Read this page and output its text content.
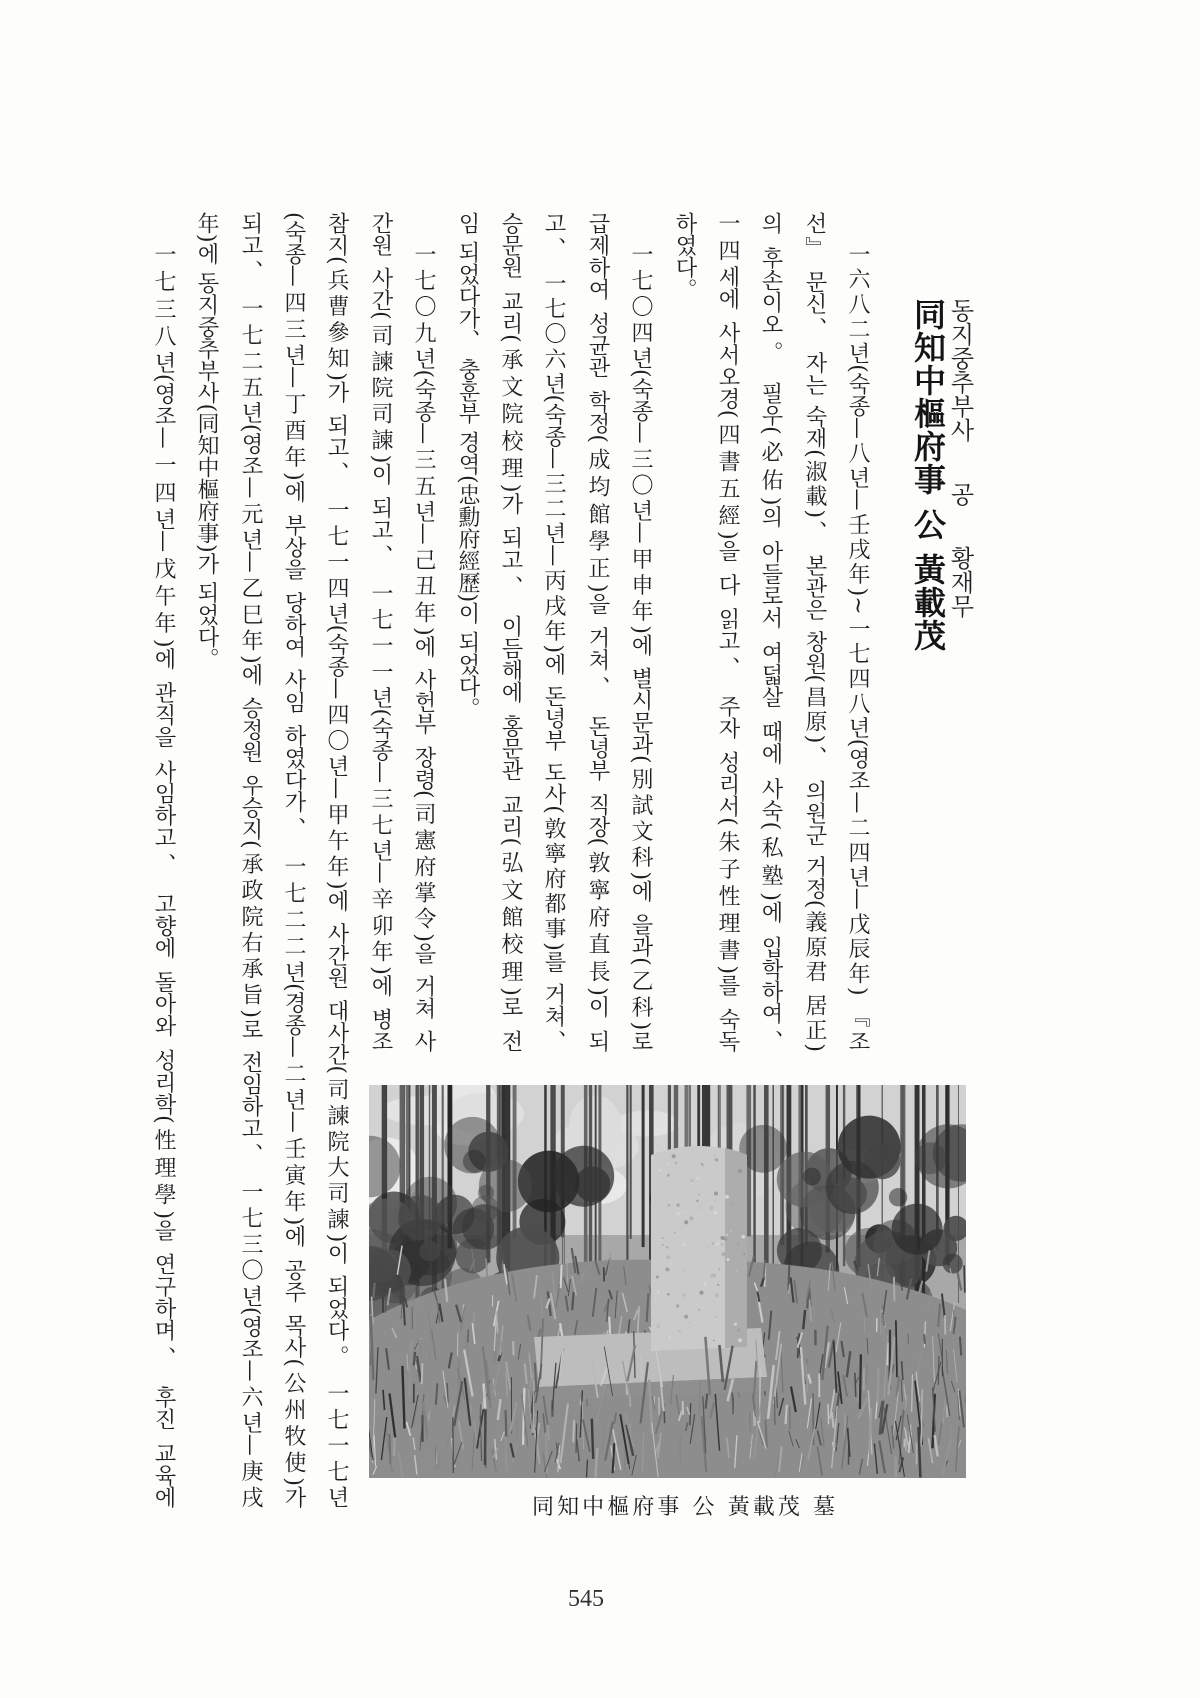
동지중추부사 공 황재무
同知中樞府事 公 黃載茂
一六八二년(숙종—八년—壬戌年)~一七四八년(영조—二四년—戊辰年) 『조
선』 문신、 자는 숙재(淑載)、 본관은 창원(昌原)、 의원군 거정(義原君 居正)
의 후손이오。 필우(必佑)의 아들로서 여덟살 때에 사숙(私塾)에 입학하여、
一四세에 사서오경(四書五經)을 다 읽고、 주자 성리서(朱子性理書)를 숙독
하였다。
一七〇四년(숙종—三〇년—甲申年)에 별시문과(別試文科)에 을과(乙科)로
급제하여 성균관 학정(成均館學正)을 거쳐、 돈녕부 직장(敦寧府直長)이 되
고、 一七〇六년(숙종—三二년—丙戌年)에 돈녕부 도사(敦寧府都事)를 거쳐、
승문원 교리(承文院校理)가 되고、 이듬해에 홍문관 교리(弘文館校理)로 전
임 되었다가、 충훈부 경역(忠勳府經歷)이 되었다。
一七〇九년(숙종—三五년—己丑年)에 사헌부 장령(司憲府掌令)을 거쳐 사
간원 사간(司諫院司諫)이 되고、 一七一一년(숙종—三七년—辛卯年)에 병조
참지(兵曹參知)가 되고、 一七一四년(숙종—四〇년—甲午年)에 사간원 대사간(司諫院大司諫)이 되었다。 一七一七년
(숙종—四三년—丁酉年)에 부상을 당하여 사임 하였다가、 一七二二년(경종—二년—壬寅年)에 공주 목사(公州牧使)가
되고、 一七二五년(영조—元년—乙巳年)에 승정원 우승지(承政院右承旨)로 전임하고、 一七三〇년(영조—六년—庚戌
年)에 동지중추부사(同知中樞府事)가 되었다。
一七三八년(영조—一四년—戊午年)에 관직을 사임하고、 고향에 돌아와 성리학(性理學)을 연구하며、 후진 교육에	同知中樞府事 公 黃載茂 墓
545
